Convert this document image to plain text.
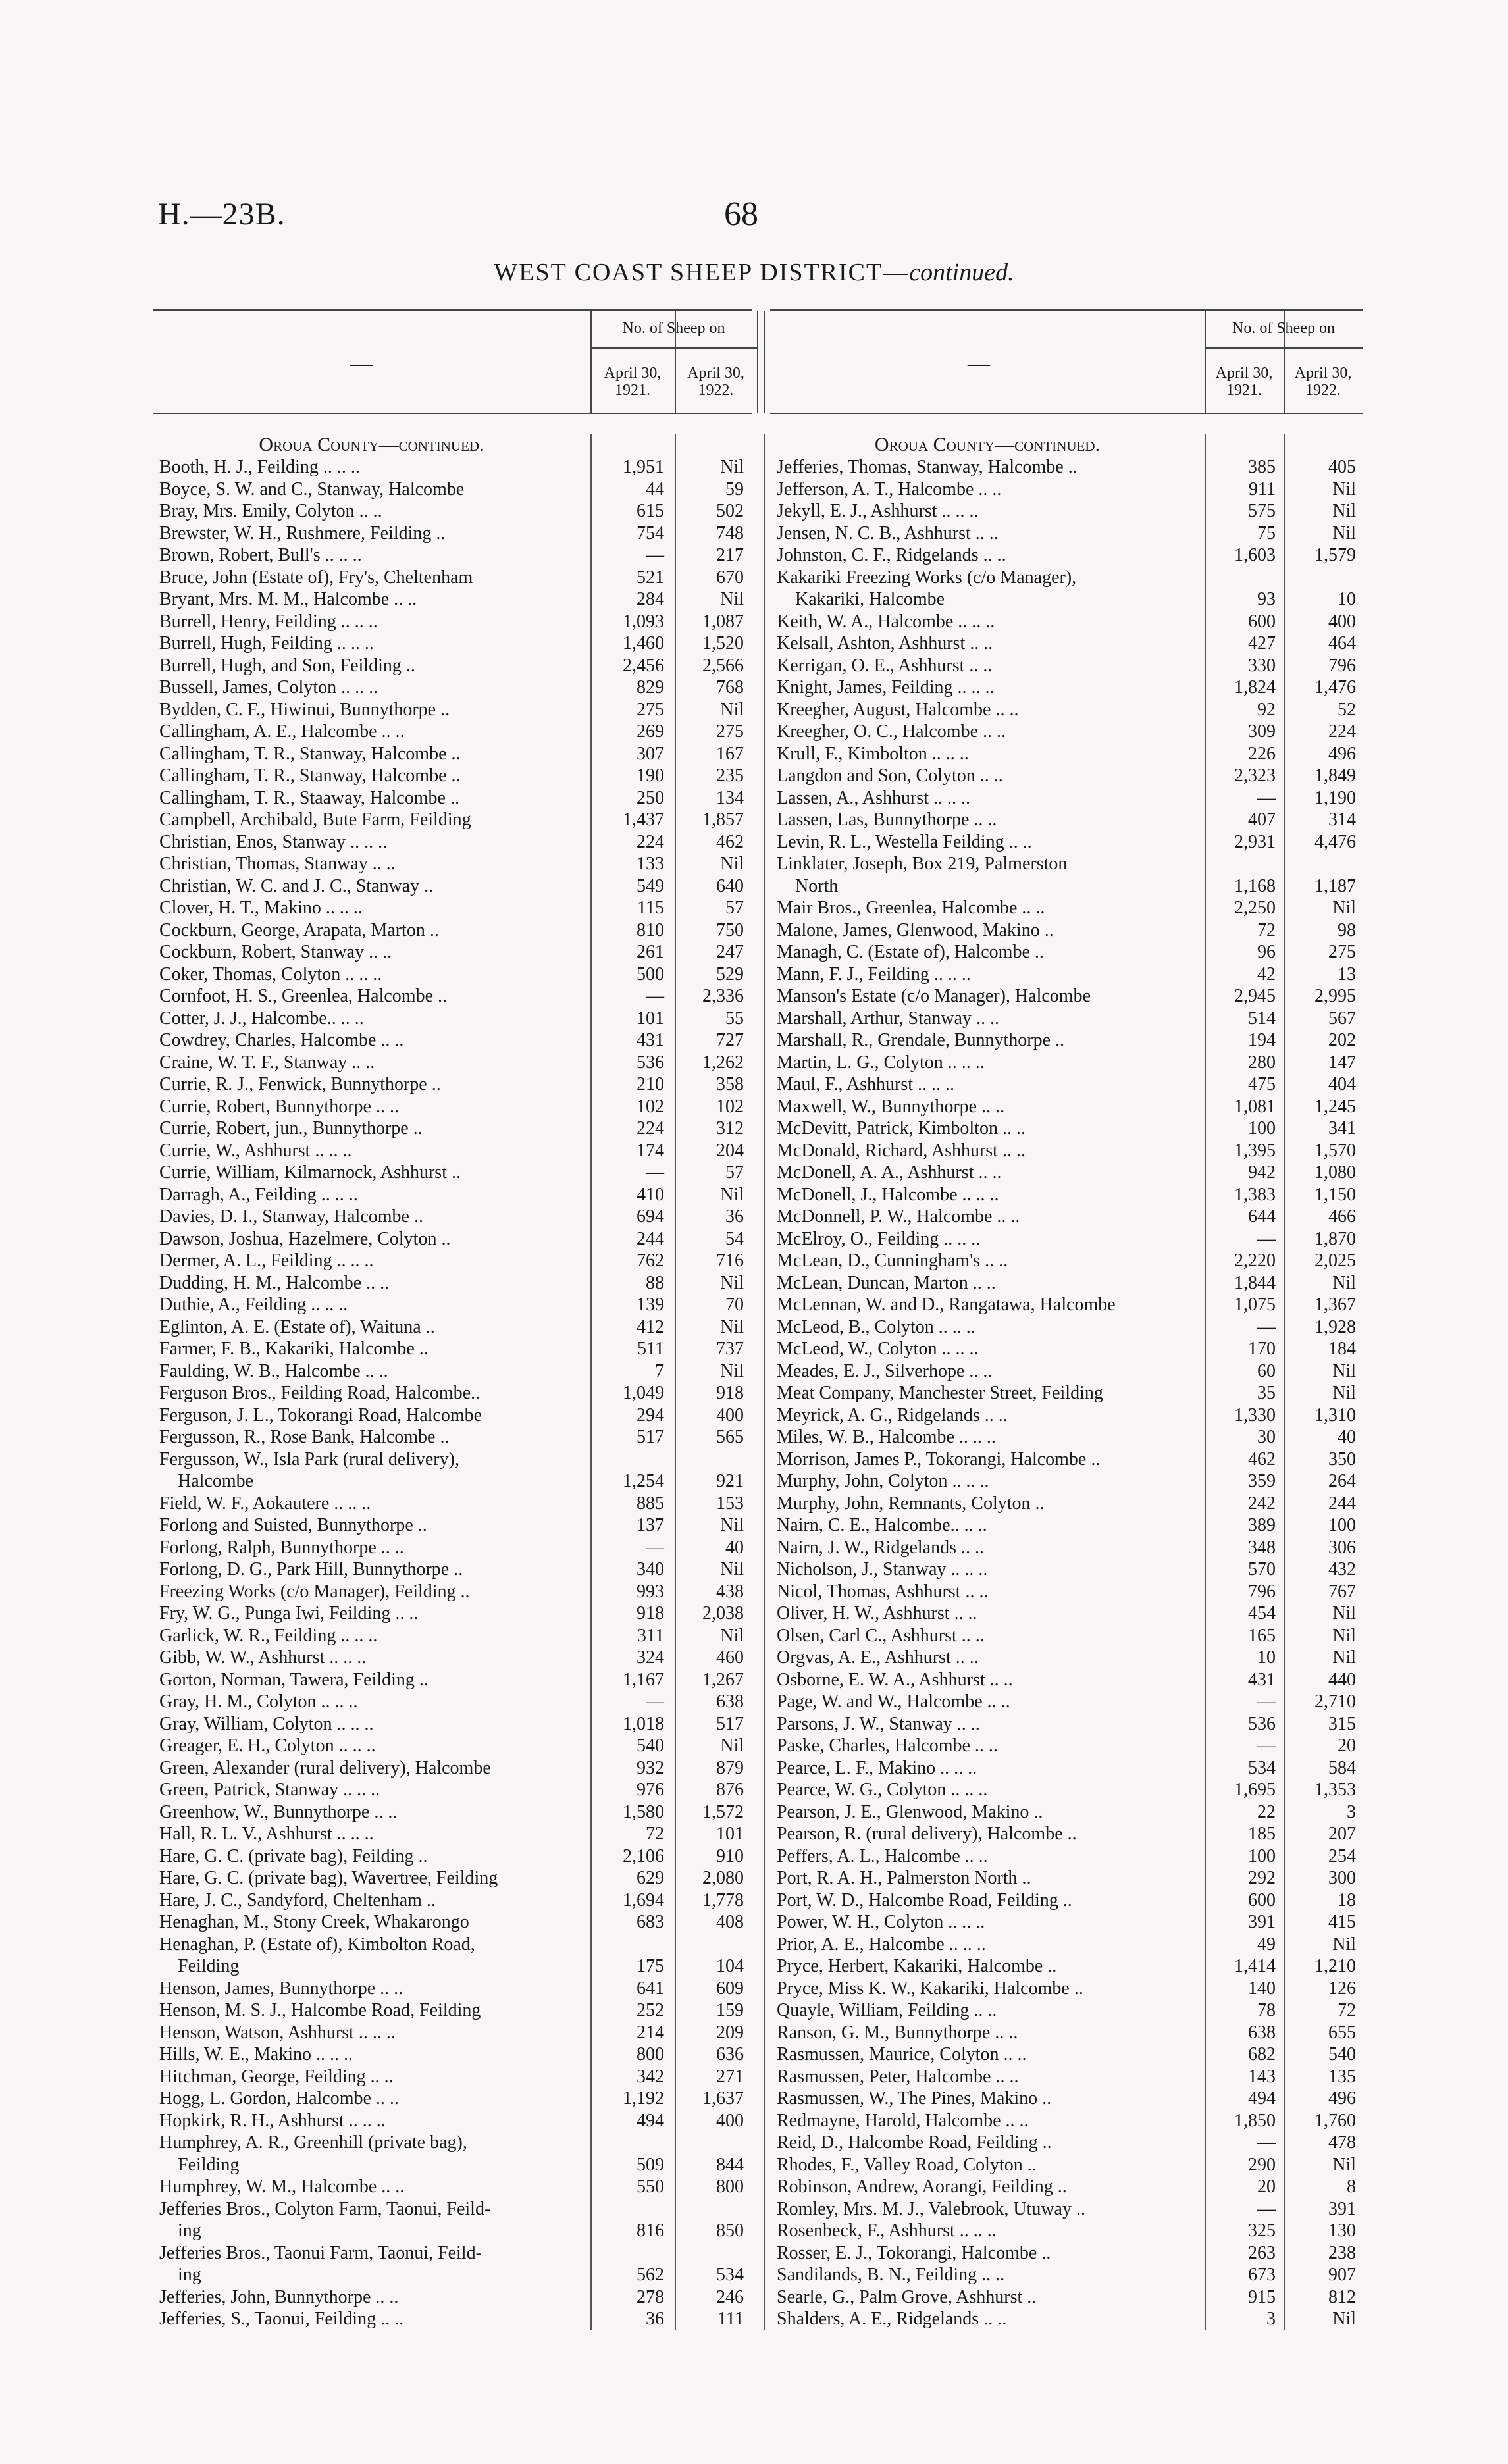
H.—23B.	68
WEST COAST SHEEP DISTRICT—continued.
—
No. of Sheep on
April 30,
1921.
April 30,
1922.
Oroua County—continued.
Booth, H. J., Feilding .. .. ..	1,951	Nil
Boyce, S. W. and C., Stanway, Halcombe	44	59
Bray, Mrs. Emily, Colyton .. ..	615	502
Brewster, W. H., Rushmere, Feilding ..	754	748
Brown, Robert, Bull's .. .. ..	—	217
Bruce, John (Estate of), Fry's, Cheltenham	521	670
Bryant, Mrs. M. M., Halcombe .. ..	284	Nil
Burrell, Henry, Feilding .. .. ..	1,093	1,087
Burrell, Hugh, Feilding .. .. ..	1,460	1,520
Burrell, Hugh, and Son, Feilding ..	2,456	2,566
Bussell, James, Colyton .. .. ..	829	768
Bydden, C. F., Hiwinui, Bunnythorpe ..	275	Nil
Callingham, A. E., Halcombe .. ..	269	275
Callingham, T. R., Stanway, Halcombe ..	307	167
Callingham, T. R., Stanway, Halcombe ..	190	235
Callingham, T. R., Staaway, Halcombe ..	250	134
Campbell, Archibald, Bute Farm, Feilding	1,437	1,857
Christian, Enos, Stanway .. .. ..	224	462
Christian, Thomas, Stanway .. ..	133	Nil
Christian, W. C. and J. C., Stanway ..	549	640
Clover, H. T., Makino .. .. ..	115	57
Cockburn, George, Arapata, Marton ..	810	750
Cockburn, Robert, Stanway .. ..	261	247
Coker, Thomas, Colyton .. .. ..	500	529
Cornfoot, H. S., Greenlea, Halcombe ..	—	2,336
Cotter, J. J., Halcombe.. .. ..	101	55
Cowdrey, Charles, Halcombe .. ..	431	727
Craine, W. T. F., Stanway .. ..	536	1,262
Currie, R. J., Fenwick, Bunnythorpe ..	210	358
Currie, Robert, Bunnythorpe .. ..	102	102
Currie, Robert, jun., Bunnythorpe ..	224	312
Currie, W., Ashhurst .. .. ..	174	204
Currie, William, Kilmarnock, Ashhurst ..	—	57
Darragh, A., Feilding .. .. ..	410	Nil
Davies, D. I., Stanway, Halcombe ..	694	36
Dawson, Joshua, Hazelmere, Colyton ..	244	54
Dermer, A. L., Feilding .. .. ..	762	716
Dudding, H. M., Halcombe .. ..	88	Nil
Duthie, A., Feilding .. .. ..	139	70
Eglinton, A. E. (Estate of), Waituna ..	412	Nil
Farmer, F. B., Kakariki, Halcombe ..	511	737
Faulding, W. B., Halcombe .. ..	7	Nil
Ferguson Bros., Feilding Road, Halcombe..	1,049	918
Ferguson, J. L., Tokorangi Road, Halcombe	294	400
Fergusson, R., Rose Bank, Halcombe ..	517	565
Fergusson, W., Isla Park (rural delivery),
Halcombe	1,254	921
Field, W. F., Aokautere .. .. ..	885	153
Forlong and Suisted, Bunnythorpe ..	137	Nil
Forlong, Ralph, Bunnythorpe .. ..	—	40
Forlong, D. G., Park Hill, Bunnythorpe ..	340	Nil
Freezing Works (c/o Manager), Feilding ..	993	438
Fry, W. G., Punga Iwi, Feilding .. ..	918	2,038
Garlick, W. R., Feilding .. .. ..	311	Nil
Gibb, W. W., Ashhurst .. .. ..	324	460
Gorton, Norman, Tawera, Feilding ..	1,167	1,267
Gray, H. M., Colyton .. .. ..	—	638
Gray, William, Colyton .. .. ..	1,018	517
Greager, E. H., Colyton .. .. ..	540	Nil
Green, Alexander (rural delivery), Halcombe	932	879
Green, Patrick, Stanway .. .. ..	976	876
Greenhow, W., Bunnythorpe .. ..	1,580	1,572
Hall, R. L. V., Ashhurst .. .. ..	72	101
Hare, G. C. (private bag), Feilding ..	2,106	910
Hare, G. C. (private bag), Wavertree, Feilding	629	2,080
Hare, J. C., Sandyford, Cheltenham ..	1,694	1,778
Henaghan, M., Stony Creek, Whakarongo	683	408
Henaghan, P. (Estate of), Kimbolton Road,
Feilding	175	104
Henson, James, Bunnythorpe .. ..	641	609
Henson, M. S. J., Halcombe Road, Feilding	252	159
Henson, Watson, Ashhurst .. .. ..	214	209
Hills, W. E., Makino .. .. ..	800	636
Hitchman, George, Feilding .. ..	342	271
Hogg, L. Gordon, Halcombe .. ..	1,192	1,637
Hopkirk, R. H., Ashhurst .. .. ..	494	400
Humphrey, A. R., Greenhill (private bag),
Feilding	509	844
Humphrey, W. M., Halcombe .. ..	550	800
Jefferies Bros., Colyton Farm, Taonui, Feild-
ing	816	850
Jefferies Bros., Taonui Farm, Taonui, Feild-
ing	562	534
Jefferies, John, Bunnythorpe .. ..	278	246
Jefferies, S., Taonui, Feilding .. ..	36	111
—
No. of Sheep on
April 30,
1921.
April 30,
1922.
Oroua County—continued.
Jefferies, Thomas, Stanway, Halcombe ..	385	405
Jefferson, A. T., Halcombe .. ..	911	Nil
Jekyll, E. J., Ashhurst .. .. ..	575	Nil
Jensen, N. C. B., Ashhurst .. ..	75	Nil
Johnston, C. F., Ridgelands .. ..	1,603	1,579
Kakariki Freezing Works (c/o Manager),
Kakariki, Halcombe	93	10
Keith, W. A., Halcombe .. .. ..	600	400
Kelsall, Ashton, Ashhurst .. ..	427	464
Kerrigan, O. E., Ashhurst .. ..	330	796
Knight, James, Feilding .. .. ..	1,824	1,476
Kreegher, August, Halcombe .. ..	92	52
Kreegher, O. C., Halcombe .. ..	309	224
Krull, F., Kimbolton .. .. ..	226	496
Langdon and Son, Colyton .. ..	2,323	1,849
Lassen, A., Ashhurst .. .. ..	—	1,190
Lassen, Las, Bunnythorpe .. ..	407	314
Levin, R. L., Westella Feilding .. ..	2,931	4,476
Linklater, Joseph, Box 219, Palmerston
North	1,168	1,187
Mair Bros., Greenlea, Halcombe .. ..	2,250	Nil
Malone, James, Glenwood, Makino ..	72	98
Managh, C. (Estate of), Halcombe ..	96	275
Mann, F. J., Feilding .. .. ..	42	13
Manson's Estate (c/o Manager), Halcombe	2,945	2,995
Marshall, Arthur, Stanway .. ..	514	567
Marshall, R., Grendale, Bunnythorpe ..	194	202
Martin, L. G., Colyton .. .. ..	280	147
Maul, F., Ashhurst .. .. ..	475	404
Maxwell, W., Bunnythorpe .. ..	1,081	1,245
McDevitt, Patrick, Kimbolton .. ..	100	341
McDonald, Richard, Ashhurst .. ..	1,395	1,570
McDonell, A. A., Ashhurst .. ..	942	1,080
McDonell, J., Halcombe .. .. ..	1,383	1,150
McDonnell, P. W., Halcombe .. ..	644	466
McElroy, O., Feilding .. .. ..	—	1,870
McLean, D., Cunningham's .. ..	2,220	2,025
McLean, Duncan, Marton .. ..	1,844	Nil
McLennan, W. and D., Rangatawa, Halcombe	1,075	1,367
McLeod, B., Colyton .. .. ..	—	1,928
McLeod, W., Colyton .. .. ..	170	184
Meades, E. J., Silverhope .. ..	60	Nil
Meat Company, Manchester Street, Feilding	35	Nil
Meyrick, A. G., Ridgelands .. ..	1,330	1,310
Miles, W. B., Halcombe .. .. ..	30	40
Morrison, James P., Tokorangi, Halcombe ..	462	350
Murphy, John, Colyton .. .. ..	359	264
Murphy, John, Remnants, Colyton ..	242	244
Nairn, C. E., Halcombe.. .. ..	389	100
Nairn, J. W., Ridgelands .. ..	348	306
Nicholson, J., Stanway .. .. ..	570	432
Nicol, Thomas, Ashhurst .. ..	796	767
Oliver, H. W., Ashhurst .. ..	454	Nil
Olsen, Carl C., Ashhurst .. ..	165	Nil
Orgvas, A. E., Ashhurst .. ..	10	Nil
Osborne, E. W. A., Ashhurst .. ..	431	440
Page, W. and W., Halcombe .. ..	—	2,710
Parsons, J. W., Stanway .. ..	536	315
Paske, Charles, Halcombe .. ..	—	20
Pearce, L. F., Makino .. .. ..	534	584
Pearce, W. G., Colyton .. .. ..	1,695	1,353
Pearson, J. E., Glenwood, Makino ..	22	3
Pearson, R. (rural delivery), Halcombe ..	185	207
Peffers, A. L., Halcombe .. ..	100	254
Port, R. A. H., Palmerston North ..	292	300
Port, W. D., Halcombe Road, Feilding ..	600	18
Power, W. H., Colyton .. .. ..	391	415
Prior, A. E., Halcombe .. .. ..	49	Nil
Pryce, Herbert, Kakariki, Halcombe ..	1,414	1,210
Pryce, Miss K. W., Kakariki, Halcombe ..	140	126
Quayle, William, Feilding .. ..	78	72
Ranson, G. M., Bunnythorpe .. ..	638	655
Rasmussen, Maurice, Colyton .. ..	682	540
Rasmussen, Peter, Halcombe .. ..	143	135
Rasmussen, W., The Pines, Makino ..	494	496
Redmayne, Harold, Halcombe .. ..	1,850	1,760
Reid, D., Halcombe Road, Feilding ..	—	478
Rhodes, F., Valley Road, Colyton ..	290	Nil
Robinson, Andrew, Aorangi, Feilding ..	20	8
Romley, Mrs. M. J., Valebrook, Utuway ..	—	391
Rosenbeck, F., Ashhurst .. .. ..	325	130
Rosser, E. J., Tokorangi, Halcombe ..	263	238
Sandilands, B. N., Feilding .. ..	673	907
Searle, G., Palm Grove, Ashhurst ..	915	812
Shalders, A. E., Ridgelands .. ..	3	Nil
